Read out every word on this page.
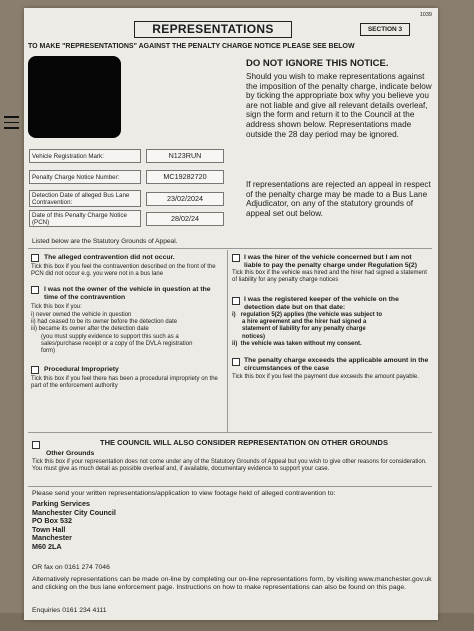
1039
REPRESENTATIONS	SECTION 3
TO MAKE "REPRESENTATIONS" AGAINST THE PENALTY CHARGE NOTICE PLEASE SEE BELOW
DO NOT IGNORE THIS NOTICE.
Should you wish to make representations against the imposition of the penalty charge, indicate below by ticking the appropriate box why you believe you are not liable and give all relevant details overleaf, sign the form and return it to the Council at the address shown below. Representations made outside the 28 day period may be ignored.
If representations are rejected an appeal in respect of the penalty charge may be made to a Bus Lane Adjudicator, on any of the statutory grounds of appeal set out below.
Vehicle Registration Mark:	N123RUN
Penalty Charge Notice Number:	MC19282720
Detection Date of alleged Bus Lane Contravention:	23/02/2024
Date of this Penalty Charge Notice (PCN)	28/02/24
Listed below are the Statutory Grounds of Appeal.
The alleged contravention did not occur.
Tick this box if you feel the contravention described on the front of the PCN did not occur e.g. you were not in a bus lane
I was not the owner of the vehicle in question at the time of the contravention
Tick this box if you:
i) never owned the vehicle in question
ii) had ceased to be its owner before the detection date
iii) became its owner after the detection date
(you must supply evidence to support this such as a
sales/purchase receipt or a copy of the DVLA registration
form)
Procedural Impropriety
Tick this box if you feel there has been a procedural impropriety on the part of the enforcement authority
I was the hirer of the vehicle concerned but I am not liable to pay the penalty charge under Regulation 5(2)
Tick this box if the vehicle was hired and the hirer had signed a statement of liability for any penalty charge notices
I was the registered keeper of the vehicle on the detection date but on that date:
i)   regulation 5(2) applies (the vehicle was subject to
a hire agreement and the hirer had signed a
statement of liability for any penalty charge
notices)
ii)  the vehicle was taken without my consent.
The penalty charge exceeds the applicable amount in the circumstances of the case
Tick this box if you feel the payment due exceeds the amount payable.
THE COUNCIL WILL ALSO CONSIDER REPRESENTATION ON OTHER GROUNDS
Other Grounds
Tick this box if your representation does not come under any of the Statutory Grounds of Appeal but you wish to give other reasons for consideration. You must give as much detail as possible overleaf and, if available, documentary evidence to support your case.
Please send your written representations/application to view footage held of alleged contravention to:
Parking Services
Manchester City Council
PO Box 532
Town Hall
Manchester
M60 2LA
OR fax on 0161 274 7046
Alternatively representations can be made on-line by completing our on-line representations form, by visiting www.manchester.gov.uk and clicking on the bus lane enforcement page. Instructions on how to make representations can also be found on this page.
Enquiries 0161 234 4111
